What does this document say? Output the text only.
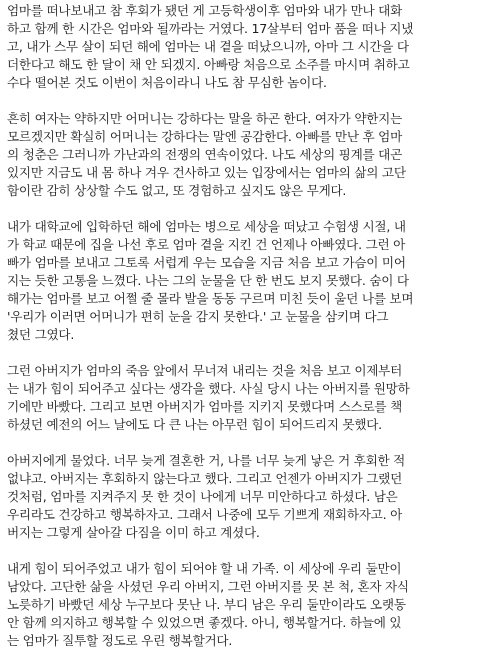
엄마를 떠나보내고 참 후회가 됐던 게 고등학생이후 엄마와 내가 만나 대화
하고 함께 한 시간은 엄마와 될까라는 거였다. 17살부터 엄마 품을 떠나 지냈
고, 내가 스무 살이 되던 해에 엄마는 내 곁을 떠났으니까, 아마 그 시간을 다
더한다고 해도 한 달이 채 안 되겠지. 아빠랑 처음으로 소주를 마시며 취하고
수다 떨어본 것도 이번이 처음이라니 나도 참 무심한 놈이다.
흔히 여자는 약하지만 어머니는 강하다는 말을 하곤 한다. 여자가 약한지는
모르겠지만 확실히 어머니는 강하다는 말엔 공감한다. 아빠를 만난 후 엄마
의 청춘은 그러니까 가난과의 전쟁의 연속이었다. 나도 세상의 핑계를 대곤
있지만 지금도 내 몸 하나 겨우 건사하고 있는 입장에서는 엄마의 삶의 고단
함이란 감히 상상할 수도 없고, 또 경험하고 싶지도 않은 무게다.
내가 대학교에 입학하던 해에 엄마는 병으로 세상을 떠났고 수험생 시절, 내
가 학교 때문에 집을 나선 후로 엄마 곁을 지킨 건 언제나 아빠였다. 그런 아
빠가 엄마를 보내고 그토록 서럽게 우는 모습을 지금 처음 보고 가슴이 미어
지는 듯한 고통을 느꼈다. 나는 그의 눈물을 단 한 번도 보지 못했다. 숨이 다
해가는 엄마를 보고 어쩔 줄 몰라 발을 동동 구르며 미친 듯이 울던 나를 보며
'우리가 이러면 어머니가 편히 눈을 감지 못한다.' 고 눈물을 삼키며 다그
쳤던 그였다.
그런 아버지가 엄마의 죽음 앞에서 무너져 내리는 것을 처음 보고 이제부터
는 내가 힘이 되어주고 싶다는 생각을 했다. 사실 당시 나는 아버지를 원망하
기에만 바빴다. 그리고 보면 아버지가 엄마를 지키지 못했다며 스스로를 책
하셨던 예전의 어느 날에도 다 큰 나는 아무런 힘이 되어드리지 못했다.
아버지에게 물었다. 너무 늦게 결혼한 거, 나를 너무 늦게 낳은 거 후회한 적
없냐고. 아버지는 후회하지 않는다고 했다. 그리고 언젠가 아버지가 그랬던
것처럼, 엄마를 지켜주지 못 한 것이 나에게 너무 미안하다고 하셨다. 남은
우리라도 건강하고 행복하자고. 그래서 나중에 모두 기쁘게 재회하자고. 아
버지는 그렇게 살아갈 다짐을 이미 하고 계셨다.
내게 힘이 되어주었고 내가 힘이 되어야 할 내 가족. 이 세상에 우리 둘만이
남았다. 고단한 삶을 사셨던 우리 아버지, 그런 아버지를 못 본 척, 혼자 자식
노릇하기 바빴던 세상 누구보다 못난 나. 부디 남은 우리 둘만이라도 오랫동
안 함께 의지하고 행복할 수 있었으면 좋겠다. 아니, 행복할거다. 하늘에 있
는 엄마가 질투할 정도로 우린 행복할거다.
